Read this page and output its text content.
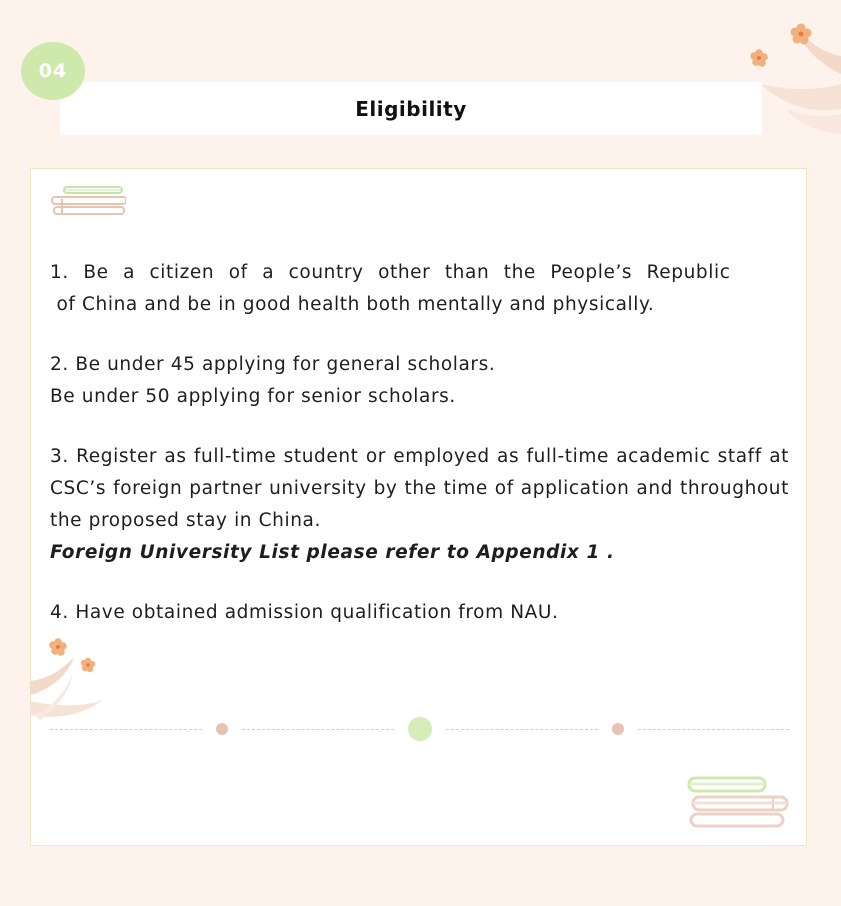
04
Eligibility

1. Be a citizen of a country other than the People’s Republic
of China and be in good health both mentally and physically.

2. Be under 45 applying for general scholars.
Be under 50 applying for senior scholars.

3. Register as full-time student or employed as full-time academic staff at CSC’s foreign partner university by the time of application and throughout the proposed stay in China.
Foreign University List please refer to Appendix 1 .

4. Have obtained admission qualification from NAU.
